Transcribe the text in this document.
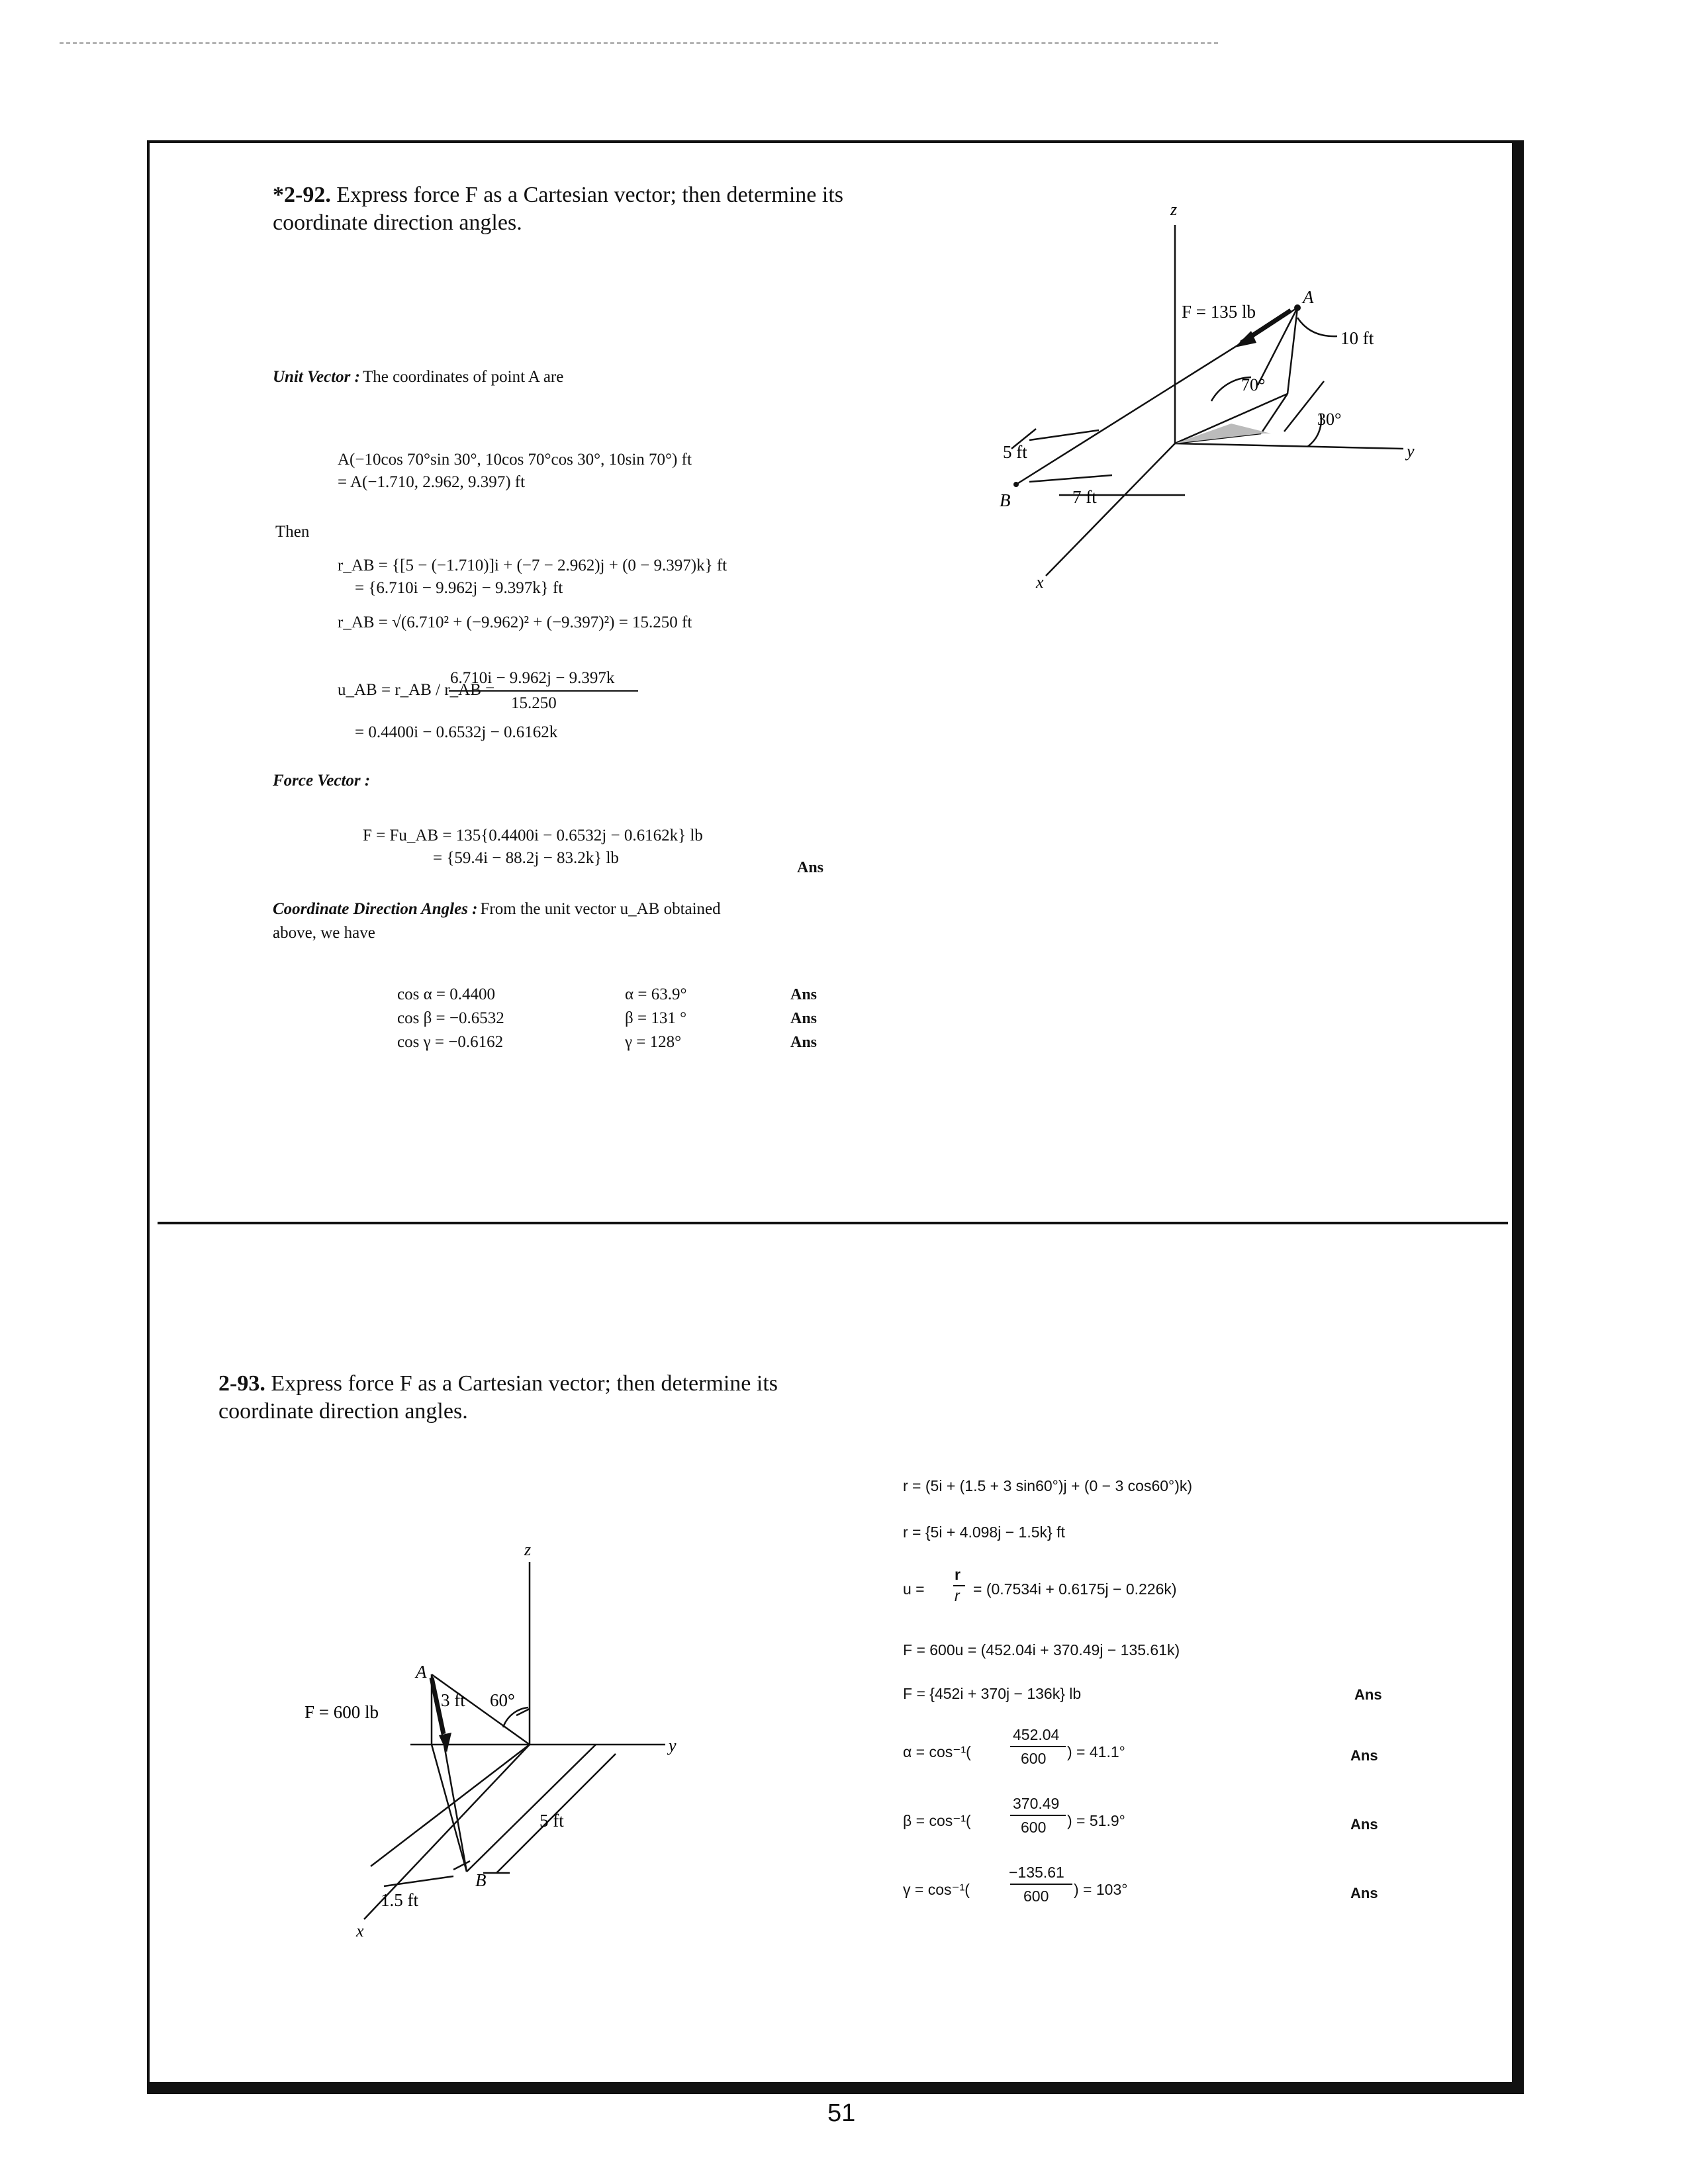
*2-92. Express force F as a Cartesian vector; then determine its coordinate direction angles.
Unit Vector : The coordinates of point A are
A(−10cos 70°sin 30°, 10cos 70°cos 30°, 10sin 70°) ft
= A(−1.710, 2.962, 9.397) ft
Then
r_AB = {[5 − (−1.710)]i + (−7 − 2.962)j + (0 − 9.397)k} ft
= {6.710i − 9.962j − 9.397k} ft
r_AB = √(6.710² + (−9.962)² + (−9.397)²) = 15.250 ft
u_AB = r_AB / r_AB =
6.710i − 9.962j − 9.397k
15.250
= 0.4400i − 0.6532j − 0.6162k
Force Vector :
F = Fu_AB = 135{0.4400i − 0.6532j − 0.6162k} lb
= {59.4i − 88.2j − 83.2k} lb
Ans
Coordinate Direction Angles : From the unit vector u_AB obtained
above, we have
cos α = 0.4400	α = 63.9°	Ans
cos β = −0.6532	β = 131 °	Ans
cos γ = −0.6162	γ = 128°	Ans
z
y
x
F = 135 lb
A
B
10 ft
70°
30°
5 ft
7 ft
2-93. Express force F as a Cartesian vector; then determine its coordinate direction angles.
r = (5i + (1.5 + 3 sin60°)j + (0 − 3 cos60°)k)
r = {5i + 4.098j − 1.5k} ft
u =
r
r = (0.7534i + 0.6175j − 0.226k)
F = 600u = (452.04i + 370.49j − 135.61k)
F = {452i + 370j − 136k} lb	Ans
α = cos⁻¹(
452.04
600 ) = 41.1°	Ans
β = cos⁻¹(
370.49
600 ) = 51.9°	Ans
γ = cos⁻¹(
−135.61
600 ) = 103°	Ans
z
y
x
F = 600 lb
A
B
3 ft 60°
5 ft
1.5 ft
51
